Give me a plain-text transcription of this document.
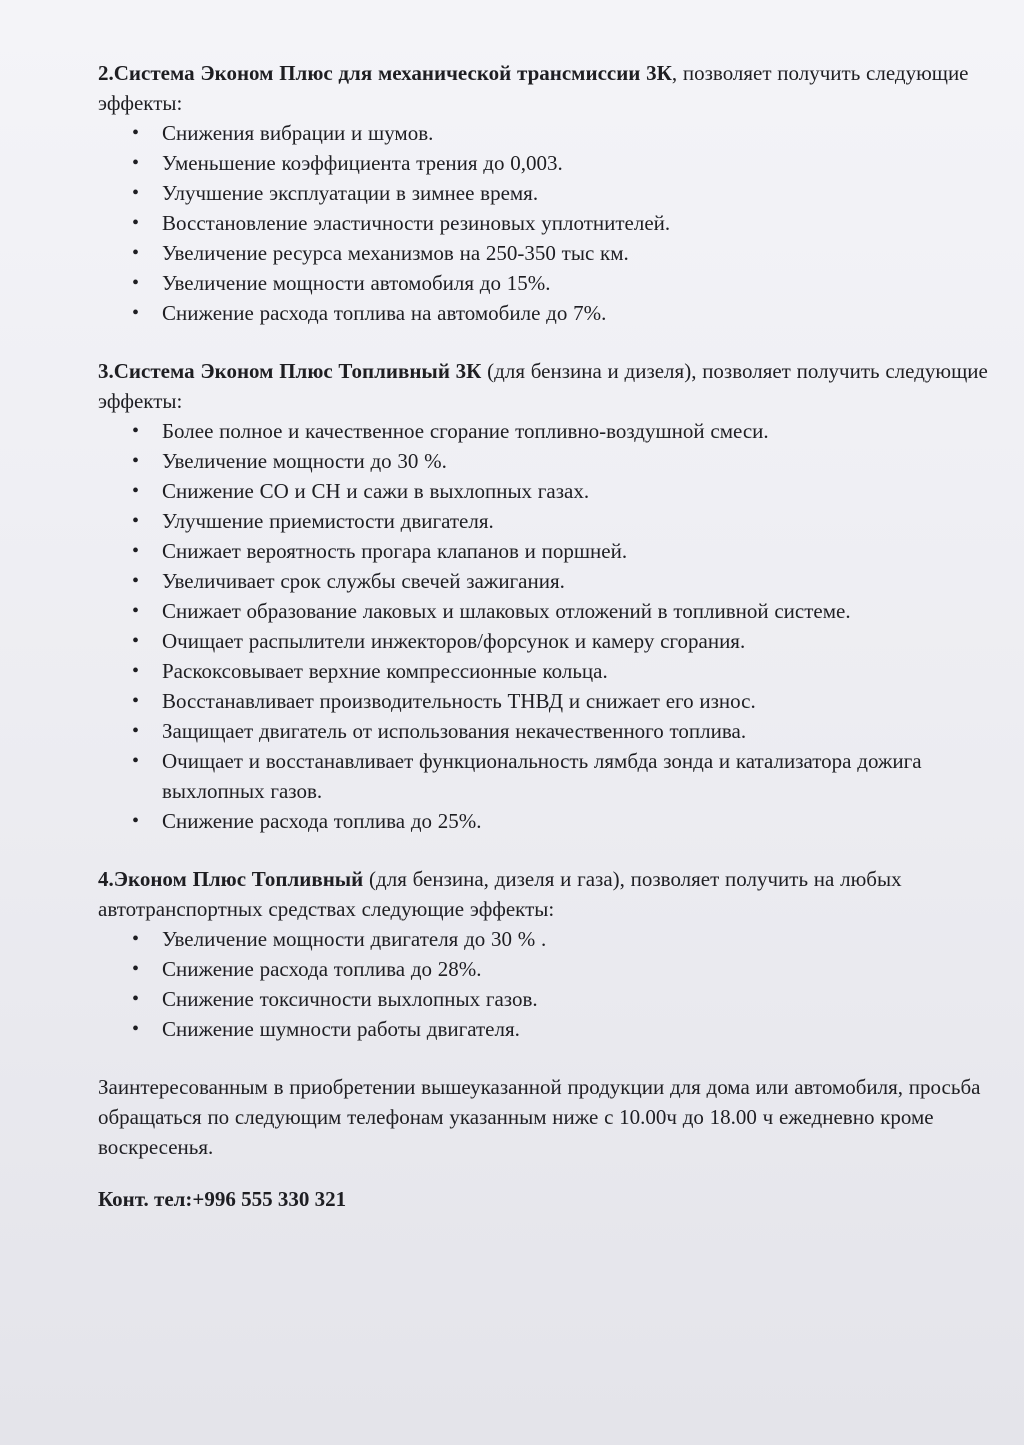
2.Система Эконом Плюс для механической трансмиссии 3К, позволяет получить следующие эффекты:

• Снижения вибрации и шумов.
• Уменьшение коэффициента трения до 0,003.
• Улучшение эксплуатации в зимнее время.
• Восстановление эластичности резиновых уплотнителей.
• Увеличение ресурса механизмов на 250-350 тыс км.
• Увеличение мощности автомобиля до 15%.
• Снижение расхода топлива на автомобиле до 7%.

3.Система Эконом Плюс Топливный 3К (для бензина и дизеля), позволяет получить следующие эффекты:

• Более полное и качественное сгорание топливно-воздушной смеси.
• Увеличение мощности до 30 %.
• Снижение СО и СН и сажи в выхлопных газах.
• Улучшение приемистости двигателя.
• Снижает вероятность прогара клапанов и поршней.
• Увеличивает срок службы свечей зажигания.
• Снижает образование лаковых и шлаковых отложений в топливной системе.
• Очищает распылители инжекторов/форсунок и камеру сгорания.
• Раскоксовывает верхние компрессионные кольца.
• Восстанавливает производительность ТНВД и снижает его износ.
• Защищает двигатель от использования некачественного топлива.
• Очищает и восстанавливает функциональность лямбда зонда и катализатора дожига выхлопных газов.
• Снижение расхода топлива до 25%.

4.Эконом Плюс Топливный (для бензина, дизеля и газа), позволяет получить на любых автотранспортных средствах следующие эффекты:

• Увеличение мощности двигателя до 30 % .
• Снижение расхода топлива до 28%.
• Снижение токсичности выхлопных газов.
• Снижение шумности работы двигателя.

Заинтересованным в приобретении вышеуказанной продукции для дома или автомобиля, просьба обращаться по следующим телефонам указанным ниже с 10.00ч до 18.00 ч ежедневно кроме воскресенья.

Конт. тел:+996 555 330 321
